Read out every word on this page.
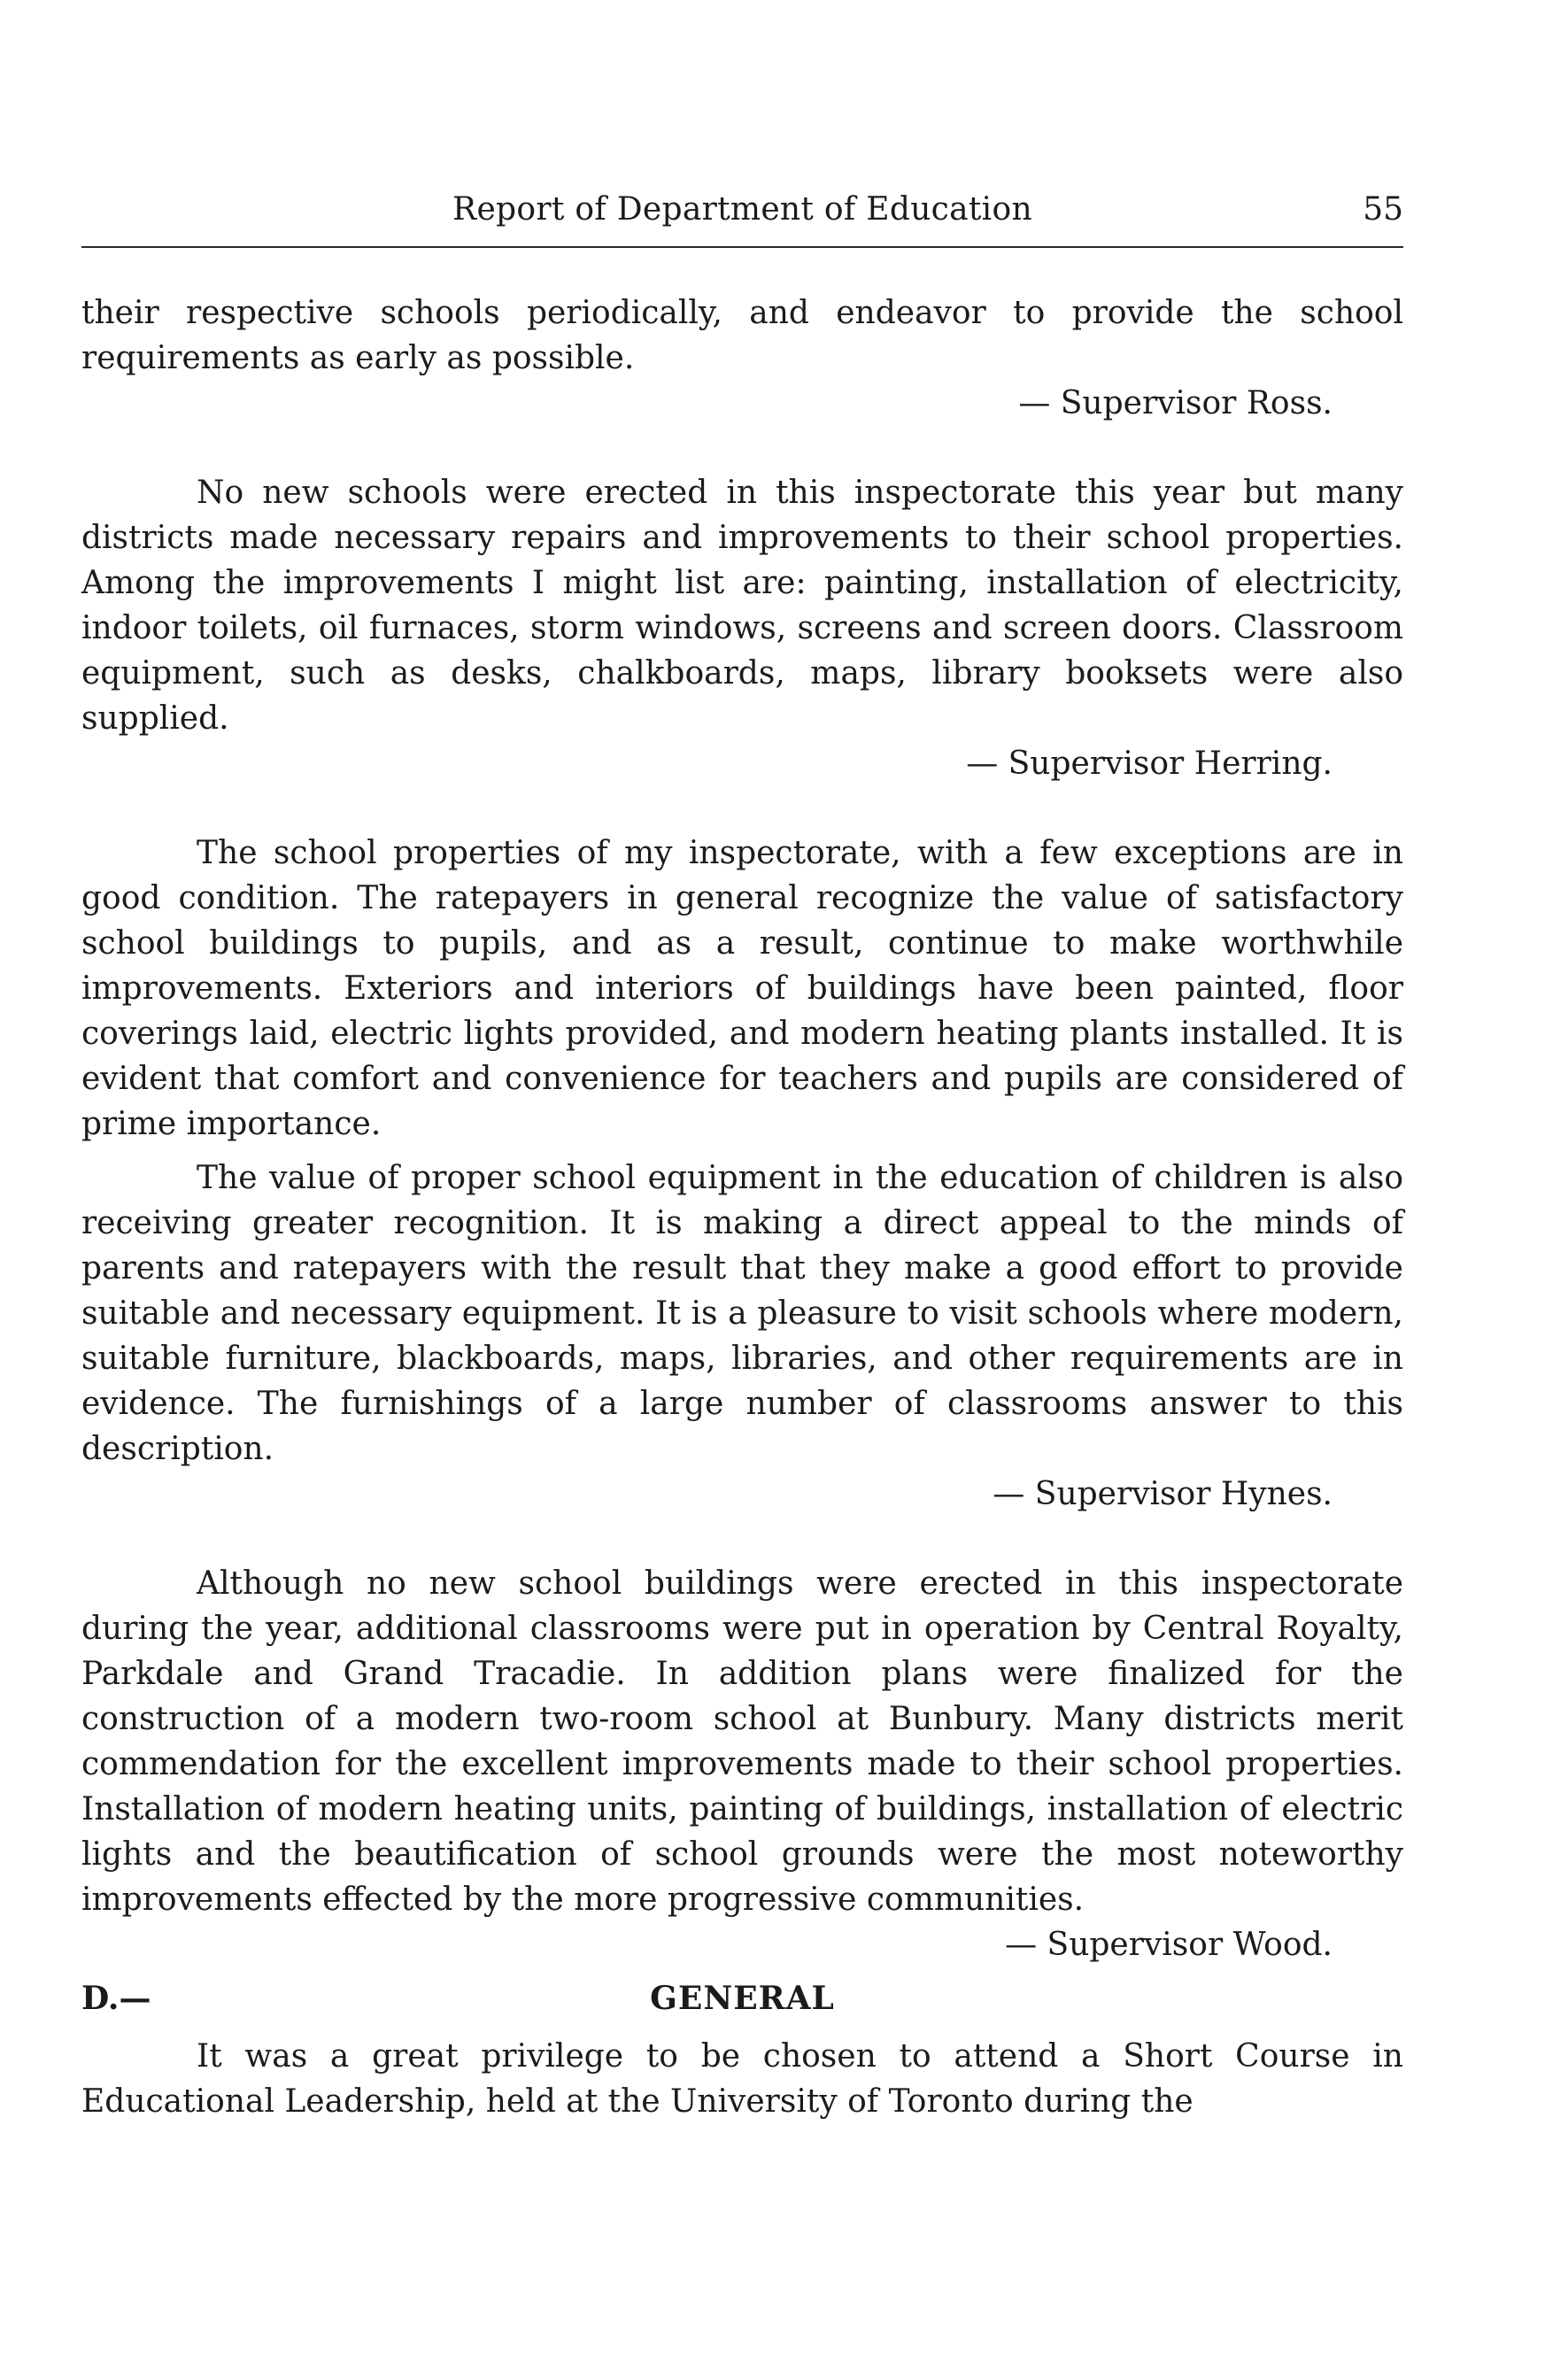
Report of Department of Education	55

their respective schools periodically, and endeavor to provide the school requirements as early as possible.

— Supervisor Ross.

No new schools were erected in this inspectorate this year but many districts made necessary repairs and improvements to their school properties. Among the improvements I might list are: painting, installation of electricity, indoor toilets, oil furnaces, storm windows, screens and screen doors. Classroom equipment, such as desks, chalkboards, maps, library booksets were also supplied.

— Supervisor Herring.

The school properties of my inspectorate, with a few exceptions are in good condition. The ratepayers in general recognize the value of satisfactory school buildings to pupils, and as a result, continue to make worthwhile improvements. Exteriors and interiors of buildings have been painted, floor coverings laid, electric lights provided, and modern heating plants installed. It is evident that comfort and convenience for teachers and pupils are considered of prime importance.

The value of proper school equipment in the education of children is also receiving greater recognition. It is making a direct appeal to the minds of parents and ratepayers with the result that they make a good effort to provide suitable and necessary equipment. It is a pleasure to visit schools where modern, suitable furniture, blackboards, maps, libraries, and other requirements are in evidence. The furnishings of a large number of classrooms answer to this description.

— Supervisor Hynes.

Although no new school buildings were erected in this inspectorate during the year, additional classrooms were put in operation by Central Royalty, Parkdale and Grand Tracadie. In addition plans were finalized for the construction of a modern two-room school at Bunbury. Many districts merit commendation for the excellent improvements made to their school properties. Installation of modern heating units, painting of buildings, installation of electric lights and the beautification of school grounds were the most noteworthy improvements effected by the more progressive communities.

— Supervisor Wood.

D.—	GENERAL

It was a great privilege to be chosen to attend a Short Course in Educational Leadership, held at the University of Toronto during the
